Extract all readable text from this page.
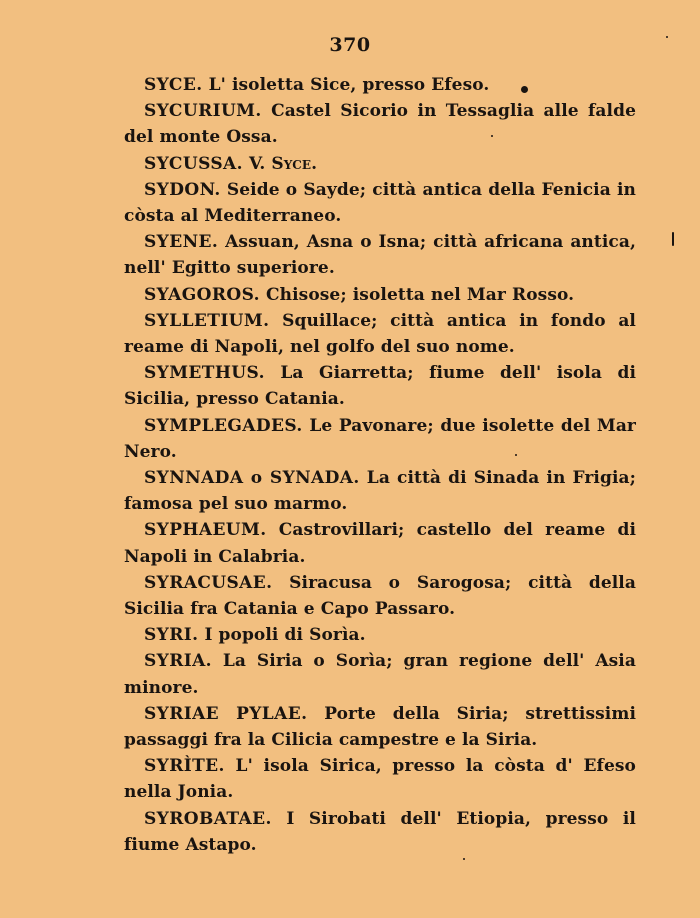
370
SYCE. L' isoletta Sice, presso Efeso.
SYCURIUM. Castel Sicorio in Tessaglia alle falde del monte Ossa.
SYCUSSA. V. Syce.
SYDON. Seide o Sayde; città antica della Fenicia in còsta al Mediterraneo.
SYENE. Assuan, Asna o Isna; città africana antica, nell' Egitto superiore.
SYAGOROS. Chisose; isoletta nel Mar Rosso.
SYLLETIUM. Squillace; città antica in fondo al reame di Napoli, nel golfo del suo nome.
SYMETHUS. La Giarretta; fiume dell' isola di Sicilia, presso Catania.
SYMPLEGADES. Le Pavonare; due isolette del Mar Nero.
SYNNADA o SYNADA. La città di Sinada in Frigia; famosa pel suo marmo.
SYPHAEUM. Castrovillari; castello del reame di Napoli in Calabria.
SYRACUSAE. Siracusa o Sarogosa; città della Sicilia fra Catania e Capo Passaro.
SYRI. I popoli di Sorìa.
SYRIA. La Siria o Sorìa; gran regione dell' Asia minore.
SYRIAE PYLAE. Porte della Siria; strettissimi passaggi fra la Cilicia campestre e la Siria.
SYRÌTE. L' isola Sirica, presso la còsta d' Efeso nella Jonia.
SYROBATAE. I Sirobati dell' Etiopia, presso il fiume Astapo.
